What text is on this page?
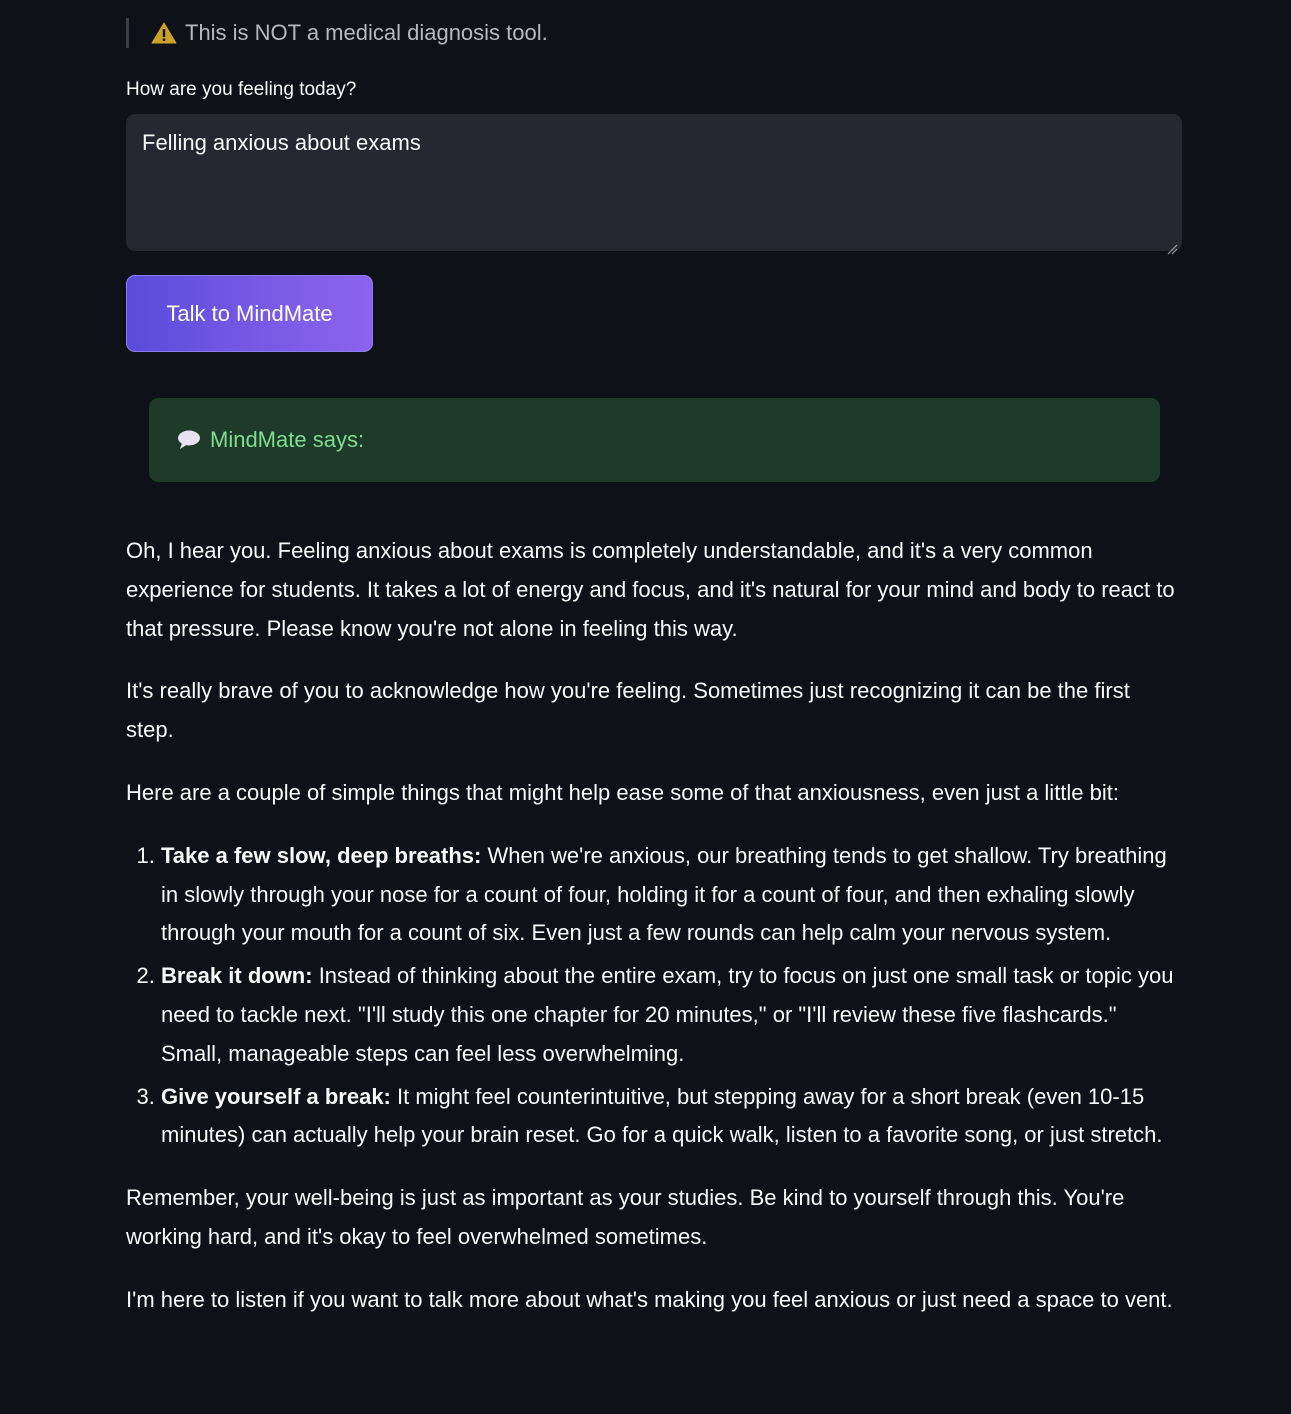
This is NOT a medical diagnosis tool.
How are you feeling today?
Felling anxious about exams
Talk to MindMate
MindMate says:

Oh, I hear you. Feeling anxious about exams is completely understandable, and it's a very common experience for students. It takes a lot of energy and focus, and it's natural for your mind and body to react to that pressure. Please know you're not alone in feeling this way.

It's really brave of you to acknowledge how you're feeling. Sometimes just recognizing it can be the first step.

Here are a couple of simple things that might help ease some of that anxiousness, even just a little bit:

1. Take a few slow, deep breaths: When we're anxious, our breathing tends to get shallow. Try breathing in slowly through your nose for a count of four, holding it for a count of four, and then exhaling slowly through your mouth for a count of six. Even just a few rounds can help calm your nervous system.
2. Break it down: Instead of thinking about the entire exam, try to focus on just one small task or topic you need to tackle next. "I'll study this one chapter for 20 minutes," or "I'll review these five flashcards." Small, manageable steps can feel less overwhelming.
3. Give yourself a break: It might feel counterintuitive, but stepping away for a short break (even 10-15 minutes) can actually help your brain reset. Go for a quick walk, listen to a favorite song, or just stretch.

Remember, your well-being is just as important as your studies. Be kind to yourself through this. You're working hard, and it's okay to feel overwhelmed sometimes.

I'm here to listen if you want to talk more about what's making you feel anxious or just need a space to vent.
